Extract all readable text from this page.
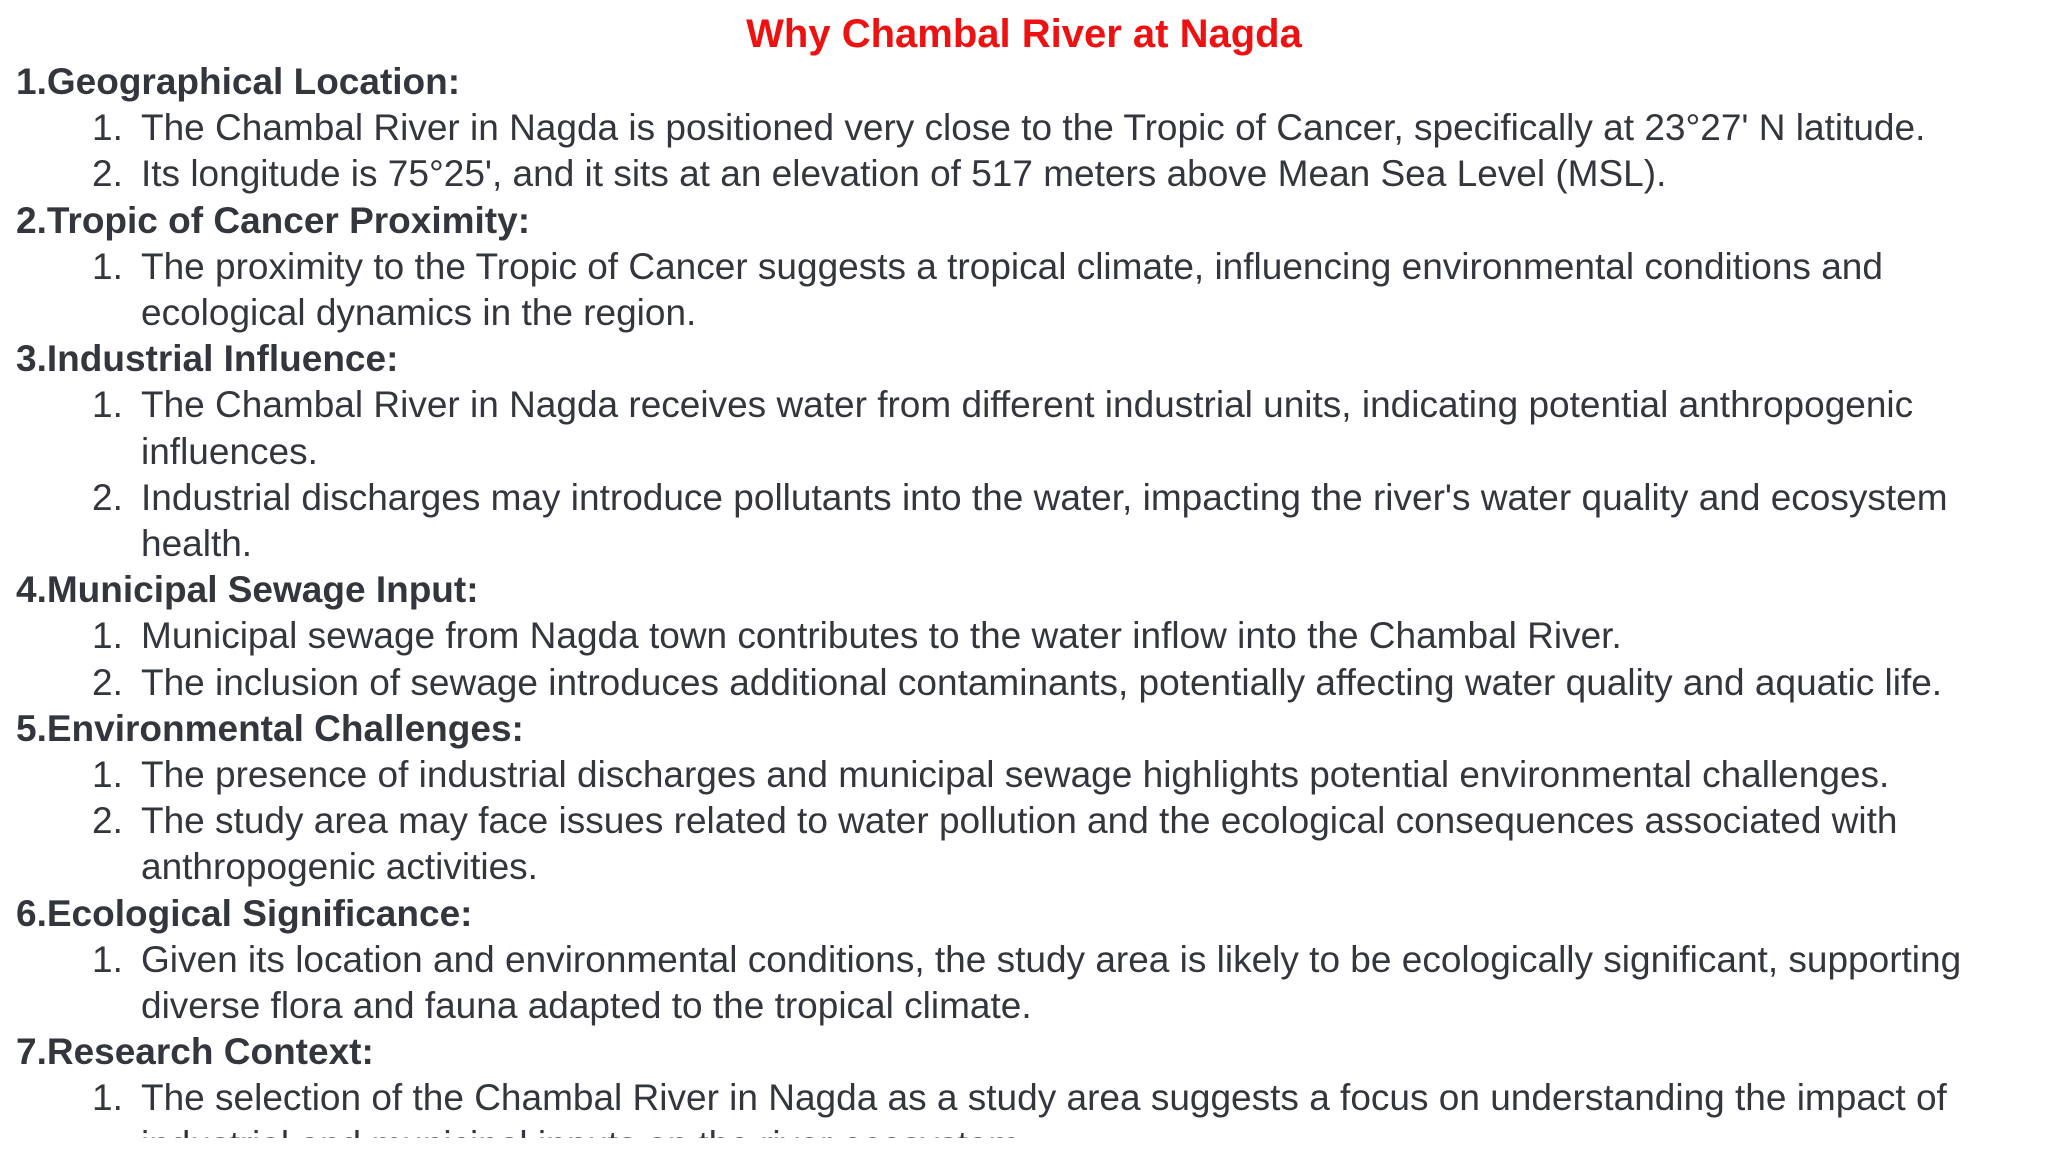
Why Chambal River at Nagda
1.Geographical Location:
1. The Chambal River in Nagda is positioned very close to the Tropic of Cancer, specifically at 23°27' N latitude.
2. Its longitude is 75°25', and it sits at an elevation of 517 meters above Mean Sea Level (MSL).
2.Tropic of Cancer Proximity:
1. The proximity to the Tropic of Cancer suggests a tropical climate, influencing environmental conditions and ecological dynamics in the region.
3.Industrial Influence:
1. The Chambal River in Nagda receives water from different industrial units, indicating potential anthropogenic influences.
2. Industrial discharges may introduce pollutants into the water, impacting the river's water quality and ecosystem health.
4.Municipal Sewage Input:
1. Municipal sewage from Nagda town contributes to the water inflow into the Chambal River.
2. The inclusion of sewage introduces additional contaminants, potentially affecting water quality and aquatic life.
5.Environmental Challenges:
1. The presence of industrial discharges and municipal sewage highlights potential environmental challenges.
2. The study area may face issues related to water pollution and the ecological consequences associated with anthropogenic activities.
6.Ecological Significance:
1. Given its location and environmental conditions, the study area is likely to be ecologically significant, supporting diverse flora and fauna adapted to the tropical climate.
7.Research Context:
1. The selection of the Chambal River in Nagda as a study area suggests a focus on understanding the impact of
